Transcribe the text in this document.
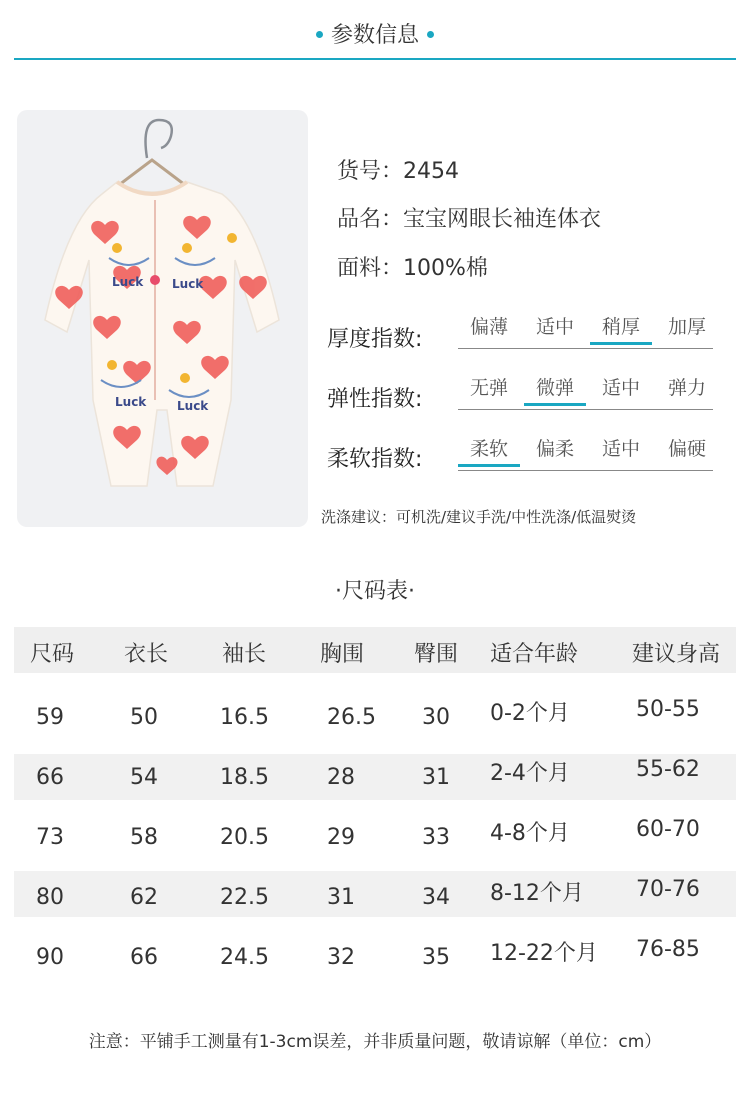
参数信息
Luck Luck
Luck	Luck
货号：2454
品名：宝宝网眼长袖连体衣
面料：100%棉
厚度指数:	偏薄	适中	稍厚	加厚
弹性指数:	无弹	微弹	适中	弹力
柔软指数:	柔软	偏柔	适中	偏硬
洗涤建议：可机洗/建议手洗/中性洗涤/低温熨烫
·尺码表·
尺码 衣长 袖长 胸围 臀围 适合年龄 建议身高
59	50	16.5	26.5 30 0-2个月	50-55
66	54	18.5	28	31 2-4个月	55-62
73	58	20.5	29	33 4-8个月	60-70
80	62	22.5	31	34 8-12个月 70-76
90	66	24.5	32	35 12-22个月 76-85
注意：平铺手工测量有1-3cm误差，并非质量问题，敬请谅解（单位：cm）
